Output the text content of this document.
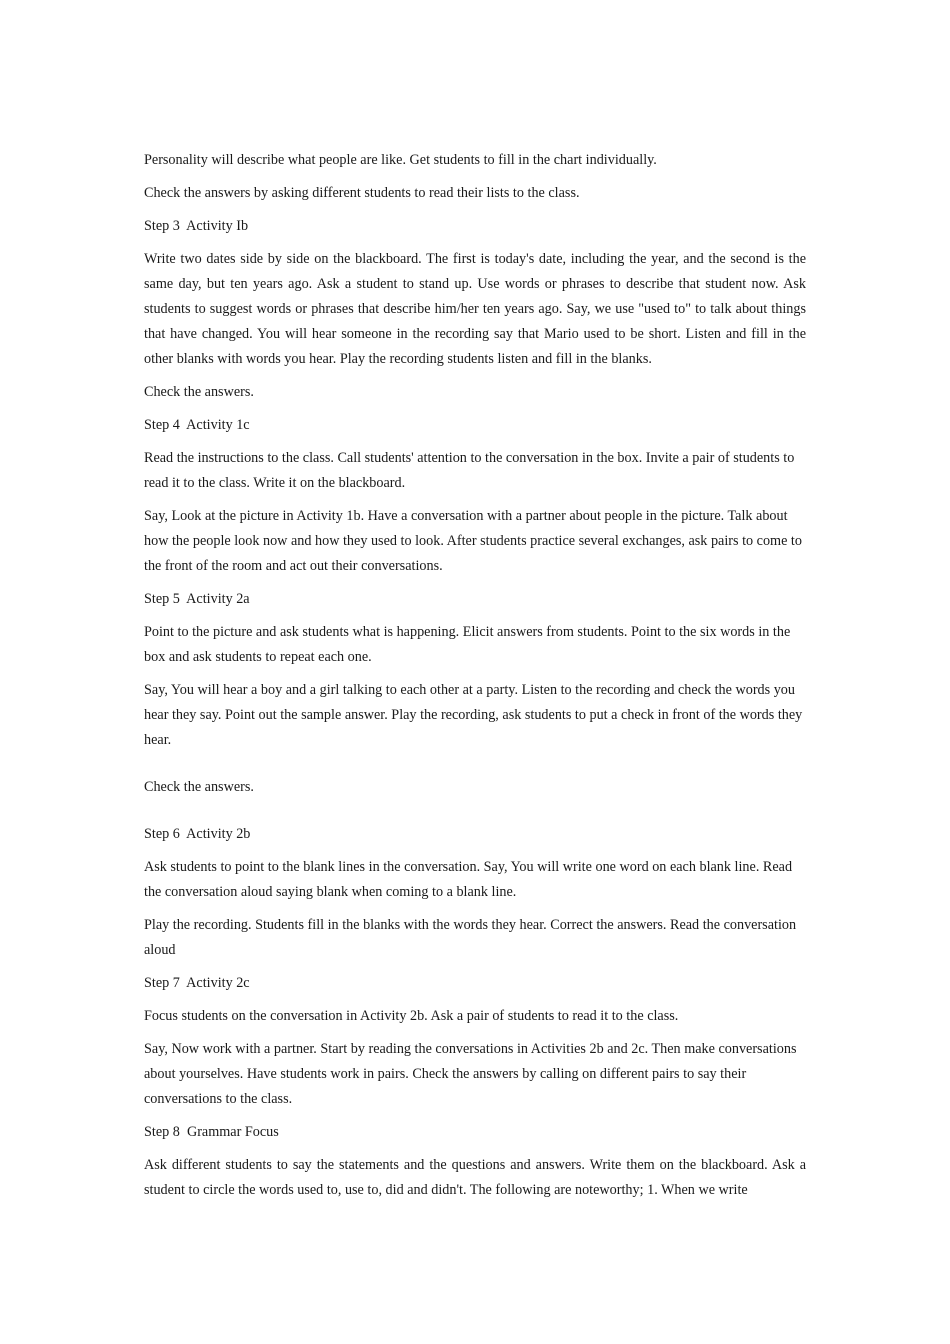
Personality will describe what people are like. Get students to fill in the chart individually.

Check the answers by asking different students to read their lists to the class.

Step 3  Activity Ib

Write two dates side by side on the blackboard. The first is today's date, including the year, and the second is the same day, but ten years ago. Ask a student to stand up. Use words or phrases to describe that student now. Ask students to suggest words or phrases that describe him/her ten years ago. Say, we use "used to" to talk about things that have changed. You will hear someone in the recording say that Mario used to be short. Listen and fill in the other blanks with words you hear. Play the recording students listen and fill in the blanks.

Check the answers.

Step 4  Activity 1c

Read the instructions to the class. Call students' attention to the conversation in the box. Invite a pair of students to read it to the class. Write it on the blackboard.

Say, Look at the picture in Activity 1b. Have a conversation with a partner about people in the picture. Talk about how the people look now and how they used to look. After students practice several exchanges, ask pairs to come to the front of the room and act out their conversations.

Step 5  Activity 2a

Point to the picture and ask students what is happening. Elicit answers from students. Point to the six words in the box and ask students to repeat each one.

Say, You will hear a boy and a girl talking to each other at a party. Listen to the recording and check the words you hear they say. Point out the sample answer. Play the recording, ask students to put a check in front of the words they hear.

Check the answers.

Step 6  Activity 2b

Ask students to point to the blank lines in the conversation. Say, You will write one word on each blank line. Read the conversation aloud saying blank when coming to a blank line.

Play the recording. Students fill in the blanks with the words they hear. Correct the answers. Read the conversation aloud

Step 7  Activity 2c

Focus students on the conversation in Activity 2b. Ask a pair of students to read it to the class.

Say, Now work with a partner. Start by reading the conversations in Activities 2b and 2c. Then make conversations about yourselves. Have students work in pairs. Check the answers by calling on different pairs to say their conversations to the class.

Step 8  Grammar Focus

Ask different students to say the statements and the questions and answers. Write them on the blackboard. Ask a student to circle the words used to, use to, did and didn't. The following are noteworthy; 1. When we write
